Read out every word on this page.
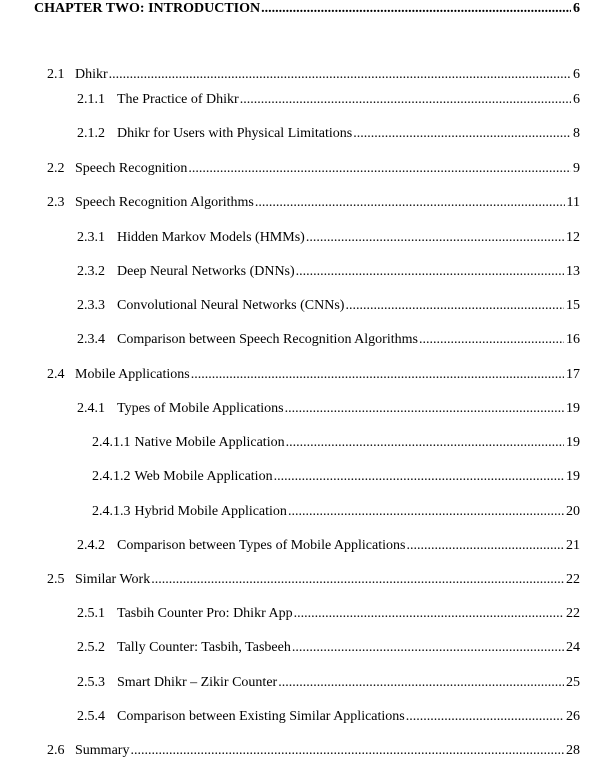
CHAPTER TWO: INTRODUCTION .....	6
2.1 Dhikr .....	6
2.1.1 The Practice of Dhikr .....	6
2.1.2 Dhikr for Users with Physical Limitations .....	8
2.2 Speech Recognition .....	9
2.3 Speech Recognition Algorithms .....	11
2.3.1 Hidden Markov Models (HMMs) .....	12
2.3.2 Deep Neural Networks (DNNs) .....	13
2.3.3 Convolutional Neural Networks (CNNs) .....	15
2.3.4 Comparison between Speech Recognition Algorithms .....	16
2.4 Mobile Applications .....	17
2.4.1 Types of Mobile Applications .....	19
2.4.1.1 Native Mobile Application .....	19
2.4.1.2 Web Mobile Application .....	19
2.4.1.3 Hybrid Mobile Application .....	20
2.4.2 Comparison between Types of Mobile Applications .....	21
2.5 Similar Work .....	22
2.5.1 Tasbih Counter Pro: Dhikr App .....	22
2.5.2 Tally Counter: Tasbih, Tasbeeh .....	24
2.5.3 Smart Dhikr – Zikir Counter .....	25
2.5.4 Comparison between Existing Similar Applications .....	26
2.6 Summary .....	28
